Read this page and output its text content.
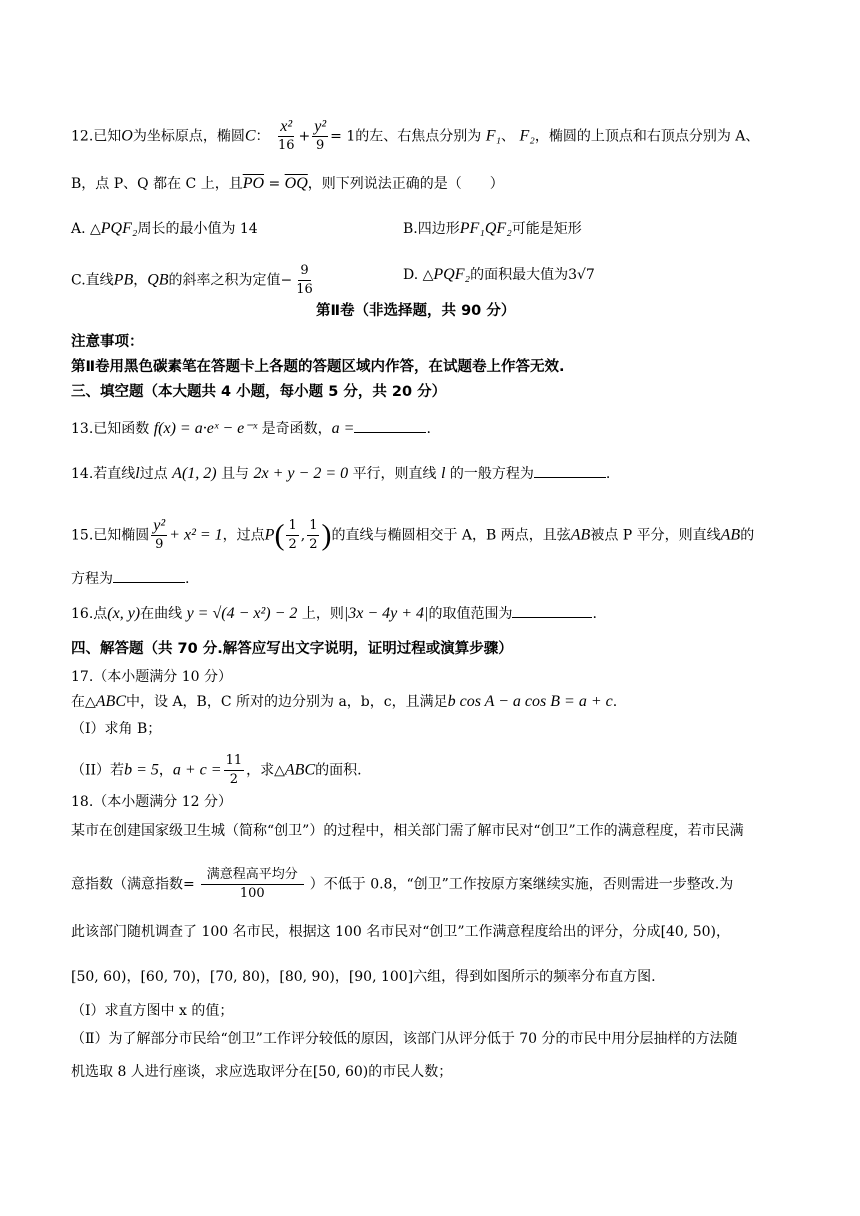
12.已知O为坐标原点，椭圆C： $\frac{\text{x²}}{16} + \frac{\text{y²}}{9} = 1$的左、右焦点分别为 F₁、 F₂，椭圆的上顶点和右顶点分别为 A、
B，点 P、Q 都在 C 上，且$\overline{PO} = \overline{OQ}$，则下列说法正确的是（　　）
A. △PQF₂周长的最小值为 14	B.四边形PF₁QF₂可能是矩形
C.直线PB，QB的斜率之积为定值− $\frac{9}{16}$	D. △PQF₂的面积最大值为3√7
第Ⅱ卷（非选择题，共 90 分）
注意事项：
第Ⅱ卷用黑色碳素笔在答题卡上各题的答题区域内作答，在试题卷上作答无效.
三、填空题（本大题共 4 小题，每小题 5 分，共 20 分）
13.已知函数 f(x) = a·eˣ − e⁻ˣ 是奇函数，a =	.
14.若直线l过点 A(1, 2) 且与 2x + y − 2 = 0 平行，则直线 l 的一般方程为	.
15.已知椭圆 $\frac{\text{y²}}{9} + x^2 = 1$，过点$P( \frac{1}{2}$ , $\frac{1}{2}$ )的直线与椭圆相交于 A，B 两点，且弦AB被点 P 平分，则直线AB的
方程为	.
16.点(x, y)在曲线 y = √(4 − x²) − 2 上，则|3x − 4y + 4|的取值范围为	.
四、解答题（共 70 分.解答应写出文字说明，证明过程或演算步骤）
17.（本小题满分 10 分）
在△ABC中，设 A，B，C 所对的边分别为 a，b，c，且满足b cos A − a cos B = a + c.
（I）求角 B；
（II）若b = 5，$a + c = \frac{11}{2}$ ，求△ABC的面积.
18.（本小题满分 12 分）
某市在创建国家级卫生城（简称“创卫”）的过程中，相关部门需了解市民对“创卫”工作的满意程度，若市民满
意指数（满意指数= $\frac{\text{满意程高平均分}}{100}$ ）不低于 0.8，“创卫”工作按原方案继续实施，否则需进一步整改.为
此该部门随机调查了 100 名市民，根据这 100 名市民对“创卫”工作满意程度给出的评分，分成[40, 50)，
[50, 60)，[60, 70)，[70, 80)，[80, 90)，[90, 100]六组，得到如图所示的频率分布直方图.
（I）求直方图中 x 的值；
（Ⅱ）为了解部分市民给“创卫”工作评分较低的原因，该部门从评分低于 70 分的市民中用分层抽样的方法随
机选取 8 人进行座谈，求应选取评分在[50, 60)的市民人数；
